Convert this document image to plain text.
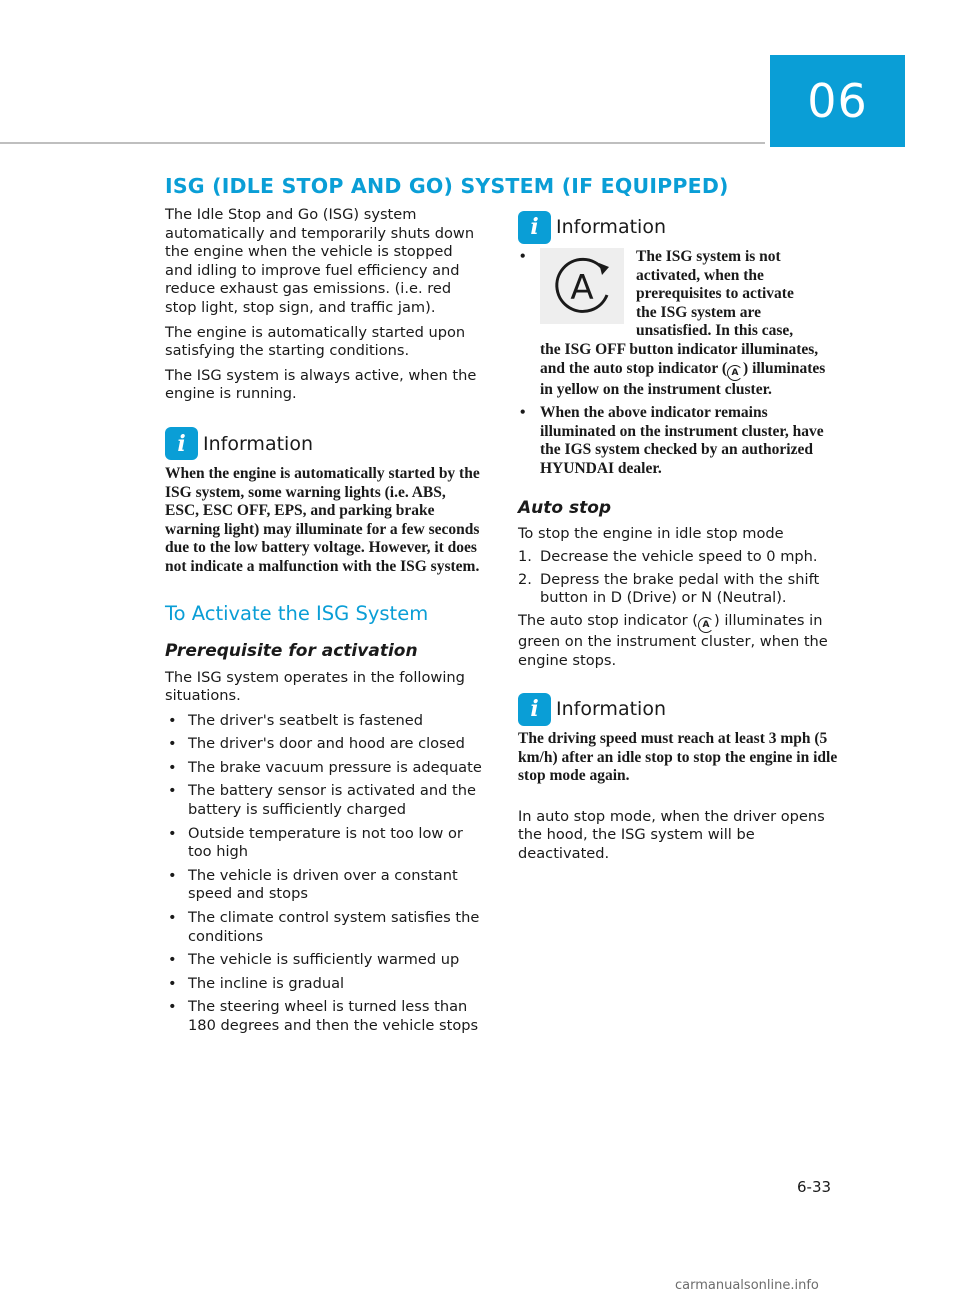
06
ISG (IDLE STOP AND GO) SYSTEM (IF EQUIPPED)

The Idle Stop and Go (ISG) system automatically and temporarily shuts down the engine when the vehicle is stopped and idling to improve fuel efficiency and reduce exhaust gas emissions. (i.e. red stop light, stop sign, and traffic jam).

The engine is automatically started upon satisfying the starting conditions.

The ISG system is always active, when the engine is running.

i Information

When the engine is automatically started by the ISG system, some warning lights (i.e. ABS, ESC, ESC OFF, EPS, and parking brake warning light) may illuminate for a few seconds due to the low battery voltage. However, it does not indicate a malfunction with the ISG system.

To Activate the ISG System
Prerequisite for activation

The ISG system operates in the following situations.

• The driver's seatbelt is fastened
• The driver's door and hood are closed
• The brake vacuum pressure is adequate
• The battery sensor is activated and the battery is sufficiently charged
• Outside temperature is not too low or too high
• The vehicle is driven over a constant speed and stops
• The climate control system satisfies the conditions
• The vehicle is sufficiently warmed up
• The incline is gradual
• The steering wheel is turned less than 180 degrees and then the vehicle stops
i Information
•
A

The ISG system is not

activated, when the

prerequisites to activate

the ISG system are

unsatisfied. In this case,

the ISG OFF button indicator illuminates, and the auto stop indicator ( A ) illuminates in yellow on the instrument cluster.

• When the above indicator remains illuminated on the instrument cluster, have the IGS system checked by an authorized HYUNDAI dealer.

Auto stop

To stop the engine in idle stop mode

1. Decrease the vehicle speed to 0 mph.
2. Depress the brake pedal with the shift button in D (Drive) or N (Neutral).

The auto stop indicator ( A ) illuminates in green on the instrument cluster, when the engine stops.

i Information

The driving speed must reach at least 3 mph (5 km/h) after an idle stop to stop the engine in idle stop mode again.

In auto stop mode, when the driver opens the hood, the ISG system will be deactivated.

6-33
carmanualsonline.info
